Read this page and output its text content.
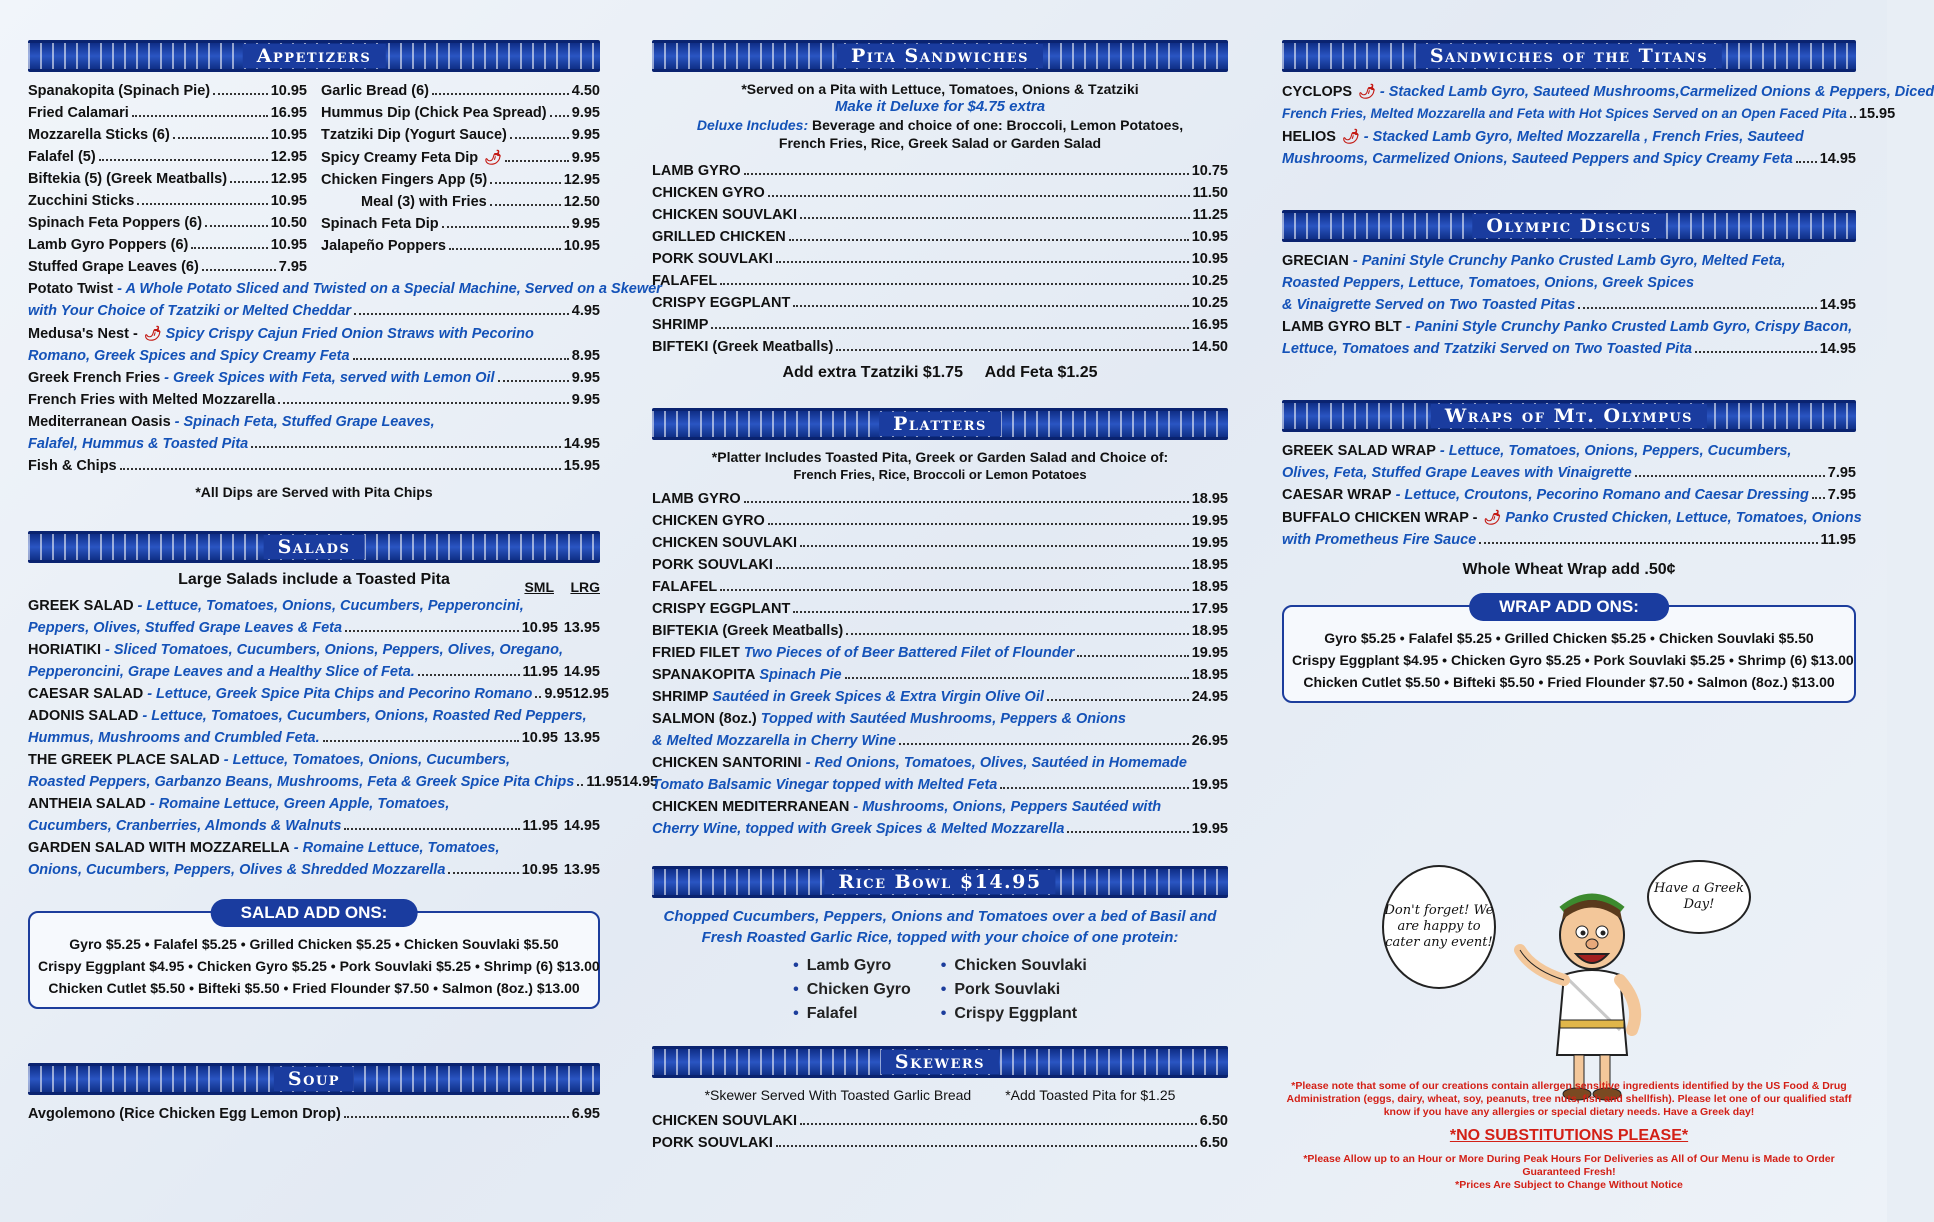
Appetizers
Spanakopita (Spinach Pie)	10.95
Fried Calamari	16.95
Mozzarella Sticks (6)	10.95
Falafel (5)	12.95
Biftekia (5) (Greek Meatballs)	12.95
Zucchini Sticks	10.95
Spinach Feta Poppers (6)	10.50
Lamb Gyro Poppers (6)	10.95
Stuffed Grape Leaves (6)	7.95
Garlic Bread (6)	4.50
Hummus Dip (Chick Pea Spread) 9.95
Tzatziki Dip (Yogurt Sauce)	9.95
Spicy Creamy Feta Dip 🌶	9.95
Chicken Fingers App (5)	12.95
Meal (3) with Fries	12.50
Spinach Feta Dip	9.95
Jalapeño Poppers	10.95
Potato Twist - A Whole Potato Sliced and Twisted on a Special Machine, Served on a Skewer
with Your Choice of Tzatziki or Melted Cheddar	4.95
Medusa's Nest - 🌶 Spicy Crispy Cajun Fried Onion Straws with Pecorino
Romano, Greek Spices and Spicy Creamy Feta	8.95
Greek French Fries - Greek Spices with Feta, served with Lemon Oil	9.95
French Fries with Melted Mozzarella	9.95
Mediterranean Oasis - Spinach Feta, Stuffed Grape Leaves,
Falafel, Hummus & Toasted Pita	14.95
Fish & Chips	15.95
*All Dips are Served with Pita Chips
Salads
Large Salads include a Toasted Pita	SML	LRG
GREEK SALAD - Lettuce, Tomatoes, Onions, Cucumbers, Pepperoncini,
Peppers, Olives, Stuffed Grape Leaves & Feta	10.95 13.95
HORIATIKI - Sliced Tomatoes, Cucumbers, Onions, Peppers, Olives, Oregano,
Pepperoncini, Grape Leaves and a Healthy Slice of Feta.	11.95 14.95
CAESAR SALAD - Lettuce, Greek Spice Pita Chips and Pecorino Romano 9.95 12.95
ADONIS SALAD - Lettuce, Tomatoes, Cucumbers, Onions, Roasted Red Peppers,
Hummus, Mushrooms and Crumbled Feta.	10.95 13.95
THE GREEK PLACE SALAD - Lettuce, Tomatoes, Onions, Cucumbers,
Roasted Peppers, Garbanzo Beans, Mushrooms, Feta & Greek Spice Pita Chips 11.95 14.95
ANTHEIA SALAD - Romaine Lettuce, Green Apple, Tomatoes,
Cucumbers, Cranberries, Almonds & Walnuts	11.95 14.95
GARDEN SALAD WITH MOZZARELLA - Romaine Lettuce, Tomatoes,
Onions, Cucumbers, Peppers, Olives & Shredded Mozzarella	10.95 13.95
SALAD ADD ONS:
Gyro $5.25 • Falafel $5.25 • Grilled Chicken $5.25 • Chicken Souvlaki $5.50
Crispy Eggplant $4.95 • Chicken Gyro $5.25 • Pork Souvlaki $5.25 • Shrimp (6) $13.00
Chicken Cutlet $5.50 • Bifteki $5.50 • Fried Flounder $7.50 • Salmon (8oz.) $13.00
Soup
Avgolemono (Rice Chicken Egg Lemon Drop)	6.95
Pita Sandwiches
*Served on a Pita with Lettuce, Tomatoes, Onions & Tzatziki
Make it Deluxe for $4.75 extra
Deluxe Includes: Beverage and choice of one: Broccoli, Lemon Potatoes,
French Fries, Rice, Greek Salad or Garden Salad
LAMB GYRO	10.75
CHICKEN GYRO	11.50
CHICKEN SOUVLAKI	11.25
GRILLED CHICKEN	10.95
PORK SOUVLAKI	10.95
FALAFEL	10.25
CRISPY EGGPLANT	10.25
SHRIMP	16.95
BIFTEKI (Greek Meatballs)	14.50
Add extra Tzatziki $1.75     Add Feta $1.25
Platters
*Platter Includes Toasted Pita, Greek or Garden Salad and Choice of:
French Fries, Rice, Broccoli or Lemon Potatoes
LAMB GYRO	18.95
CHICKEN GYRO	19.95
CHICKEN SOUVLAKI	19.95
PORK SOUVLAKI	18.95
FALAFEL	18.95
CRISPY EGGPLANT	17.95
BIFTEKIA (Greek Meatballs)	18.95
FRIED FILET Two Pieces of of Beer Battered Filet of Flounder	19.95
SPANAKOPITA Spinach Pie	18.95
SHRIMP Sautéed in Greek Spices & Extra Virgin Olive Oil	24.95
SALMON (8oz.) Topped with Sautéed Mushrooms, Peppers & Onions
& Melted Mozzarella in Cherry Wine	26.95
CHICKEN SANTORINI - Red Onions, Tomatoes, Olives, Sautéed in Homemade
Tomato Balsamic Vinegar topped with Melted Feta	19.95
CHICKEN MEDITERRANEAN - Mushrooms, Onions, Peppers Sautéed with
Cherry Wine, topped with Greek Spices & Melted Mozzarella	19.95
Rice Bowl $14.95
Chopped Cucumbers, Peppers, Onions and Tomatoes over a bed of Basil and
Fresh Roasted Garlic Rice, topped with your choice of one protein:
• Lamb Gyro
• Chicken Gyro
• Falafel
• Chicken Souvlaki
• Pork Souvlaki
• Crispy Eggplant
Skewers
*Skewer Served With Toasted Garlic Bread *Add Toasted Pita for $1.25
CHICKEN SOUVLAKI	6.50
PORK SOUVLAKI	6.50
Sandwiches of the Titans
CYCLOPS 🌶 - Stacked Lamb Gyro, Sauteed Mushrooms,Carmelized Onions & Peppers, Diced
French Fries, Melted Mozzarella and Feta with Hot Spices Served on an Open Faced Pita 15.95
HELIOS 🌶 - Stacked Lamb Gyro, Melted Mozzarella , French Fries, Sauteed
Mushrooms, Carmelized Onions, Sauteed Peppers and Spicy Creamy Feta 14.95
Olympic Discus
GRECIAN - Panini Style Crunchy Panko Crusted Lamb Gyro, Melted Feta,
Roasted Peppers, Lettuce, Tomatoes, Onions, Greek Spices
& Vinaigrette Served on Two Toasted Pitas	14.95
LAMB GYRO BLT - Panini Style Crunchy Panko Crusted Lamb Gyro, Crispy Bacon,
Lettuce, Tomatoes and Tzatziki Served on Two Toasted Pita	14.95
Wraps of Mt. Olympus
GREEK SALAD WRAP - Lettuce, Tomatoes, Onions, Peppers, Cucumbers,
Olives, Feta, Stuffed Grape Leaves with Vinaigrette	7.95
CAESAR WRAP - Lettuce, Croutons, Pecorino Romano and Caesar Dressing 7.95
BUFFALO CHICKEN WRAP - 🌶 Panko Crusted Chicken, Lettuce, Tomatoes, Onions
with Prometheus Fire Sauce	11.95
Whole Wheat Wrap add .50¢
WRAP ADD ONS:
Gyro $5.25 • Falafel $5.25 • Grilled Chicken $5.25 • Chicken Souvlaki $5.50
Crispy Eggplant $4.95 • Chicken Gyro $5.25 • Pork Souvlaki $5.25 • Shrimp (6) $13.00
Chicken Cutlet $5.50 • Bifteki $5.50 • Fried Flounder $7.50 • Salmon (8oz.) $13.00
Don't forget! We are happy to cater any event!
Have a Greek Day!
*Please note that some of our creations contain allergen sensitive ingredients identified by the US Food & Drug Administration (eggs, dairy, wheat, soy, peanuts, tree nuts, fish and shellfish). Please let one of our qualified staff know if you have any allergies or special dietary needs. Have a Greek day!
*NO SUBSTITUTIONS PLEASE*
*Please Allow up to an Hour or More During Peak Hours For Deliveries as All of Our Menu is Made to Order Guaranteed Fresh!
*Prices Are Subject to Change Without Notice
